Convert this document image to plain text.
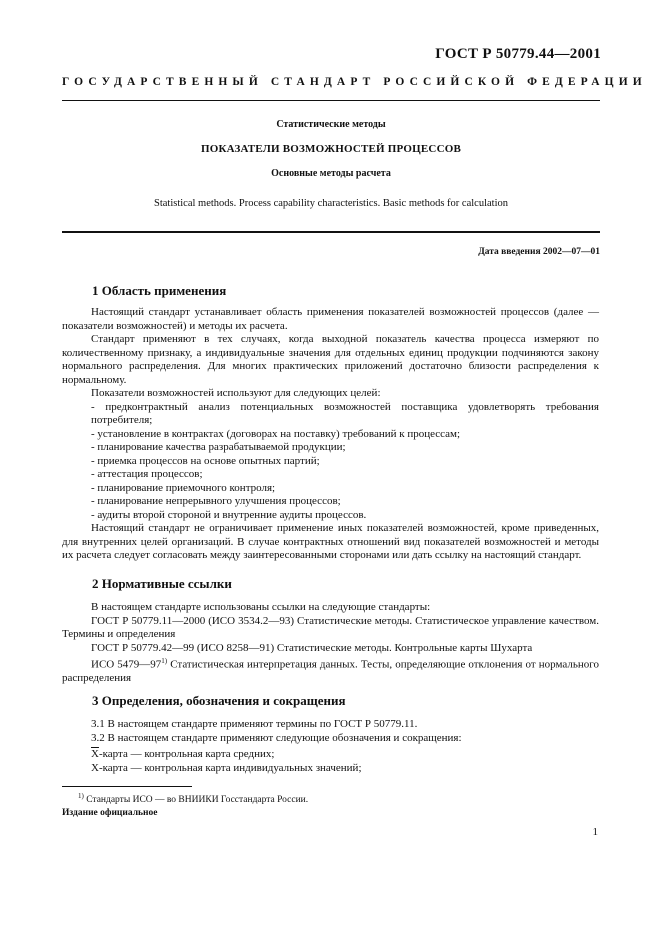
ГОСТ Р 50779.44—2001
ГОСУДАРСТВЕННЫЙ СТАНДАРТ РОССИЙСКОЙ ФЕДЕРАЦИИ
Статистические методы
ПОКАЗАТЕЛИ ВОЗМОЖНОСТЕЙ ПРОЦЕССОВ
Основные методы расчета
Statistical methods. Process capability characteristics. Basic methods for calculation
Дата введения 2002—07—01
1 Область применения

Настоящий стандарт устанавливает область применения показателей возможностей процессов (далее — показатели возможностей) и методы их расчета.

Стандарт применяют в тех случаях, когда выходной показатель качества процесса измеряют по количественному признаку, а индивидуальные значения для отдельных единиц продукции подчиняются закону нормального распределения. Для многих практических приложений достаточно близости распределения к нормальному.

Показатели возможностей используют для следующих целей:

- предконтрактный анализ потенциальных возможностей поставщика удовлетворять требования потребителя;

- установление в контрактах (договорах на поставку) требований к процессам;

- планирование качества разрабатываемой продукции;

- приемка процессов на основе опытных партий;

- аттестация процессов;

- планирование приемочного контроля;

- планирование непрерывного улучшения процессов;

- аудиты второй стороной и внутренние аудиты процессов.

Настоящий стандарт не ограничивает применение иных показателей возможностей, кроме приведенных, для внутренних целей организаций. В случае контрактных отношений вид показателей возможностей и методы их расчета следует согласовать между заинтересованными сторонами или дать ссылку на настоящий стандарт.

2 Нормативные ссылки

В настоящем стандарте использованы ссылки на следующие стандарты:

ГОСТ Р 50779.11—2000 (ИСО 3534.2—93) Статистические методы. Статистическое управление качеством. Термины и определения

ГОСТ Р 50779.42—99 (ИСО 8258—91) Статистические методы. Контрольные карты Шухарта

ИСО 5479—97$^{1)}$ Статистическая интерпретация данных. Тесты, определяющие отклонения от нормального распределения

3 Определения, обозначения и сокращения

3.1 В настоящем стандарте применяют термины по ГОСТ Р 50779.11.

3.2 В настоящем стандарте применяют следующие обозначения и сокращения:

$\overline{X}$-карта — контрольная карта средних;

X-карта — контрольная карта индивидуальных значений;

$^{1)}$ Стандарты ИСО — во ВНИИКИ Госстандарта России.
Издание официальное
1
